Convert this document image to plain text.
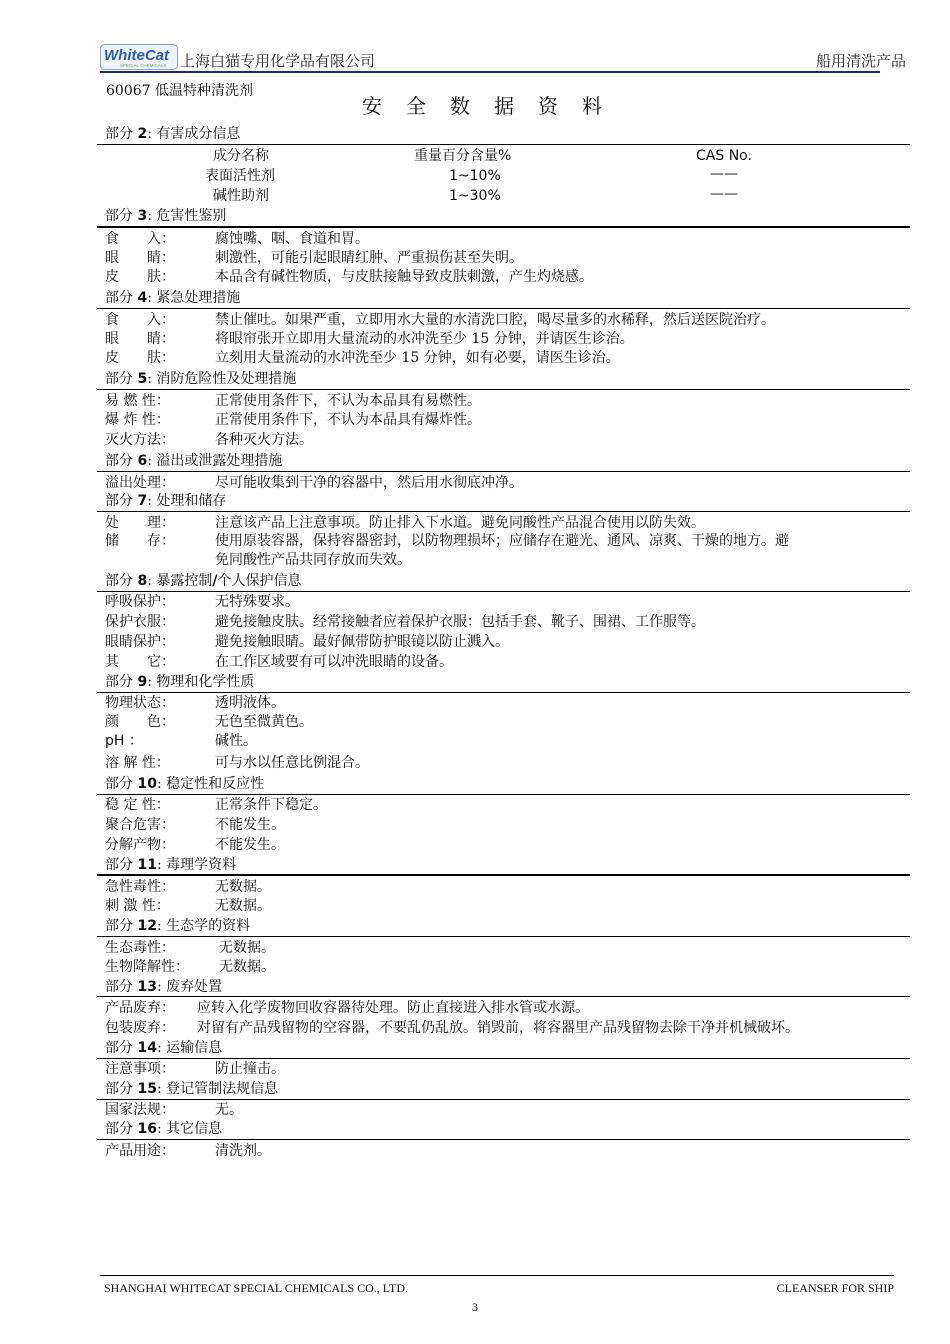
WhiteCat
SPECIAL CHEMICALS 上海白猫专用化学品有限公司	船用清洗产品
60067 低温特种清洗剂
安全数据资料
部分 2: 有害成分信息
成分名称	重量百分含量%	CAS No.
表面活性剂	1~10%	——
碱性助剂	1~30%	——
部分 3: 危害性鉴别
食　　入：	腐蚀嘴、咽、食道和胃。
眼　　睛：	刺激性，可能引起眼睛红肿、严重损伤甚至失明。
皮　　肤：	本品含有碱性物质，与皮肤接触导致皮肤刺激，产生灼烧感。
部分 4: 紧急处理措施
食　　入：	禁止催吐。如果严重，立即用水大量的水清洗口腔，喝尽量多的水稀释，然后送医院治疗。
眼　　睛：	将眼帘张开立即用大量流动的水冲洗至少 15 分钟，并请医生诊治。
皮　　肤：	立刻用大量流动的水冲洗至少 15 分钟，如有必要，请医生诊治。
部分 5: 消防危险性及处理措施
易 燃 性：	正常使用条件下，不认为本品具有易燃性。
爆 炸 性：	正常使用条件下，不认为本品具有爆炸性。
灭火方法：	各种灭火方法。
部分 6: 溢出或泄露处理措施
溢出处理：	尽可能收集到干净的容器中，然后用水彻底冲净。
部分 7: 处理和储存
处　　理：	注意该产品上注意事项。防止排入下水道。避免同酸性产品混合使用以防失效。
储　　存：	使用原装容器，保持容器密封，以防物理损坏；应储存在避光、通风、凉爽、干燥的地方。避
免同酸性产品共同存放而失效。
部分 8: 暴露控制/个人保护信息
呼吸保护：	无特殊要求。
保护衣服：	避免接触皮肤。经常接触者应着保护衣服：包括手套、靴子、围裙、工作服等。
眼睛保护：	避免接触眼睛。最好佩带防护眼镜以防止溅入。
其　　它：	在工作区域要有可以冲洗眼睛的设备。
部分 9: 物理和化学性质
物理状态：	透明液体。
颜　　色：	无色至微黄色。
pH ：	碱性。
溶 解 性：	可与水以任意比例混合。
部分 10: 稳定性和反应性
稳 定 性：	正常条件下稳定。
聚合危害：	不能发生。
分解产物：	不能发生。
部分 11: 毒理学资料
急性毒性：	无数据。
刺 激 性：	无数据。
部分 12: 生态学的资料
生态毒性：	无数据。
生物降解性： 无数据。
部分 13: 废弃处置
产品废弃： 应转入化学废物回收容器待处理。防止直接进入排水管或水源。
包装废弃： 对留有产品残留物的空容器，不要乱仍乱放。销毁前，将容器里产品残留物去除干净并机械破坏。
部分 14: 运输信息
注意事项：	防止撞击。
部分 15: 登记管制法规信息
国家法规：	无。
部分 16: 其它信息
产品用途：	清洗剂。
SHANGHAI WHITECAT SPECIAL CHEMICALS CO., LTD.	CLEANSER FOR SHIP
3
